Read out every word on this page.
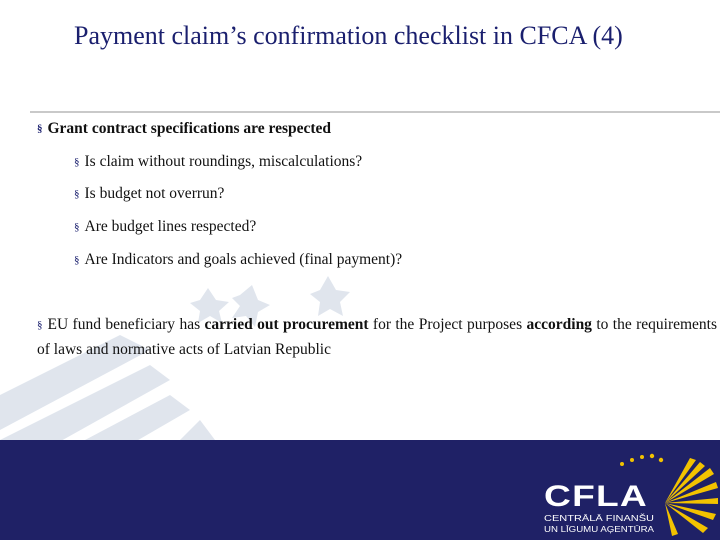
Payment claim’s confirmation checklist in CFCA (4)
§ Grant contract specifications are respected
§ Is claim without roundings, miscalculations?
§ Is budget not overrun?
§ Are budget lines respected?
§ Are Indicators and goals achieved (final payment)?
§ EU fund beneficiary has carried out procurement for the Project purposes according to the requirements of laws and normative acts of Latvian Republic
CFLA
CENTRĀLĀ FINANŠU
UN LĪGUMU AĢENTŪRA
